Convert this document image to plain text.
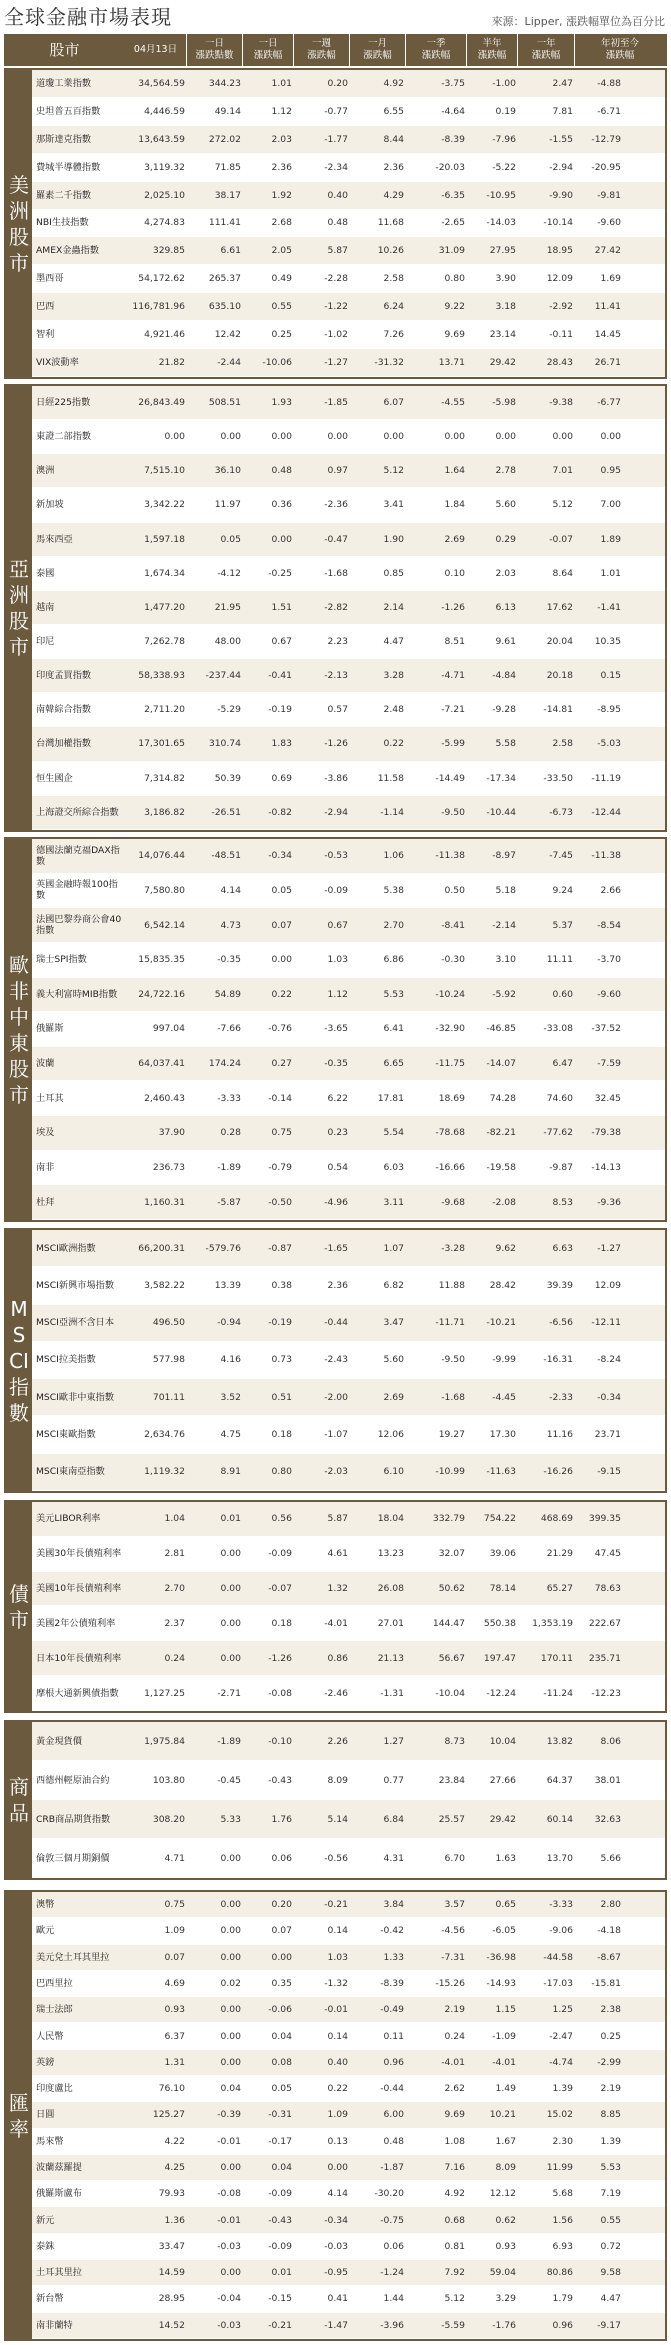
全球金融市場表現	來源：Lipper, 漲跌幅單位為百分比
股市	04月13日
一日
漲跌點數
一日
漲跌幅
一週
漲跌幅
一月
漲跌幅
一季
漲跌幅
半年
漲跌幅
一年
漲跌幅
年初至今
漲跌幅
美洲股市
道瓊工業指數	34,564.59	344.23	1.01	0.20	4.92	-3.75	-1.00	2.47	-4.88
史坦普五百指數	4,446.59	49.14	1.12	-0.77	6.55	-4.64	0.19	7.81	-6.71
那斯達克指數	13,643.59	272.02	2.03	-1.77	8.44	-8.39	-7.96	-1.55	-12.79
費城半導體指數	3,119.32	71.85	2.36	-2.34	2.36	-20.03	-5.22	-2.94	-20.95
羅素二千指數	2,025.10	38.17	1.92	0.40	4.29	-6.35	-10.95	-9.90	-9.81
NBI生技指數	4,274.83	111.41	2.68	0.48	11.68	-2.65	-14.03	-10.14	-9.60
AMEX金蟲指數	329.85	6.61	2.05	5.87	10.26	31.09	27.95	18.95	27.42
墨西哥	54,172.62	265.37	0.49	-2.28	2.58	0.80	3.90	12.09	1.69
巴西	116,781.96	635.10	0.55	-1.22	6.24	9.22	3.18	-2.92	11.41
智利	4,921.46	12.42	0.25	-1.02	7.26	9.69	23.14	-0.11	14.45
VIX波動率	21.82	-2.44	-10.06	-1.27	-31.32	13.71	29.42	28.43	26.71
亞洲股市
日經225指數	26,843.49	508.51	1.93	-1.85	6.07	-4.55	-5.98	-9.38	-6.77
東證二部指數	0.00	0.00	0.00	0.00	0.00	0.00	0.00	0.00	0.00
澳洲	7,515.10	36.10	0.48	0.97	5.12	1.64	2.78	7.01	0.95
新加坡	3,342.22	11.97	0.36	-2.36	3.41	1.84	5.60	5.12	7.00
馬來西亞	1,597.18	0.05	0.00	-0.47	1.90	2.69	0.29	-0.07	1.89
泰國	1,674.34	-4.12	-0.25	-1.68	0.85	0.10	2.03	8.64	1.01
越南	1,477.20	21.95	1.51	-2.82	2.14	-1.26	6.13	17.62	-1.41
印尼	7,262.78	48.00	0.67	2.23	4.47	8.51	9.61	20.04	10.35
印度孟買指數	58,338.93	-237.44	-0.41	-2.13	3.28	-4.71	-4.84	20.18	0.15
南韓綜合指數	2,711.20	-5.29	-0.19	0.57	2.48	-7.21	-9.28	-14.81	-8.95
台灣加權指數	17,301.65	310.74	1.83	-1.26	0.22	-5.99	5.58	2.58	-5.03
恒生國企	7,314.82	50.39	0.69	-3.86	11.58	-14.49	-17.34	-33.50	-11.19
上海證交所綜合指數	3,186.82	-26.51	-0.82	-2.94	-1.14	-9.50	-10.44	-6.73	-12.44
歐非中東股市
德國法蘭克福DAX指數	14,076.44	-48.51	-0.34	-0.53	1.06	-11.38	-8.97	-7.45	-11.38
英國金融時報100指數	7,580.80	4.14	0.05	-0.09	5.38	0.50	5.18	9.24	2.66
法國巴黎券商公會40指數	6,542.14	4.73	0.07	0.67	2.70	-8.41	-2.14	5.37	-8.54
瑞士SPI指數	15,835.35	-0.35	0.00	1.03	6.86	-0.30	3.10	11.11	-3.70
義大利富時MIB指數	24,722.16	54.89	0.22	1.12	5.53	-10.24	-5.92	0.60	-9.60
俄羅斯	997.04	-7.66	-0.76	-3.65	6.41	-32.90	-46.85	-33.08	-37.52
波蘭	64,037.41	174.24	0.27	-0.35	6.65	-11.75	-14.07	6.47	-7.59
土耳其	2,460.43	-3.33	-0.14	6.22	17.81	18.69	74.28	74.60	32.45
埃及	37.90	0.28	0.75	0.23	5.54	-78.68	-82.21	-77.62	-79.38
南非	236.73	-1.89	-0.79	0.54	6.03	-16.66	-19.58	-9.87	-14.13
杜拜	1,160.31	-5.87	-0.50	-4.96	3.11	-9.68	-2.08	8.53	-9.36
MSCI指數
MSCI歐洲指數	66,200.31	-579.76	-0.87	-1.65	1.07	-3.28	9.62	6.63	-1.27
MSCI新興市場指數	3,582.22	13.39	0.38	2.36	6.82	11.88	28.42	39.39	12.09
MSCI亞洲不含日本	496.50	-0.94	-0.19	-0.44	3.47	-11.71	-10.21	-6.56	-12.11
MSCI拉美指數	577.98	4.16	0.73	-2.43	5.60	-9.50	-9.99	-16.31	-8.24
MSCI歐非中東指數	701.11	3.52	0.51	-2.00	2.69	-1.68	-4.45	-2.33	-0.34
MSCI東歐指數	2,634.76	4.75	0.18	-1.07	12.06	19.27	17.30	11.16	23.71
MSCI東南亞指數	1,119.32	8.91	0.80	-2.03	6.10	-10.99	-11.63	-16.26	-9.15
債市
美元LIBOR利率	1.04	0.01	0.56	5.87	18.04	332.79	754.22	468.69	399.35
美國30年長債殖利率	2.81	0.00	-0.09	4.61	13.23	32.07	39.06	21.29	47.45
美國10年長債殖利率	2.70	0.00	-0.07	1.32	26.08	50.62	78.14	65.27	78.63
美國2年公債殖利率	2.37	0.00	0.18	-4.01	27.01	144.47	550.38	1,353.19	222.67
日本10年長債殖利率	0.24	0.00	-1.26	0.86	21.13	56.67	197.47	170.11	235.71
摩根大通新興債指數	1,127.25	-2.71	-0.08	-2.46	-1.31	-10.04	-12.24	-11.24	-12.23
商品
黃金現貨價	1,975.84	-1.89	-0.10	2.26	1.27	8.73	10.04	13.82	8.06
西德州輕原油合約	103.80	-0.45	-0.43	8.09	0.77	23.84	27.66	64.37	38.01
CRB商品期貨指數	308.20	5.33	1.76	5.14	6.84	25.57	29.42	60.14	32.63
倫敦三個月期銅價	4.71	0.00	0.06	-0.56	4.31	6.70	1.63	13.70	5.66
匯率
澳幣	0.75	0.00	0.20	-0.21	3.84	3.57	0.65	-3.33	2.80
歐元	1.09	0.00	0.07	0.14	-0.42	-4.56	-6.05	-9.06	-4.18
美元兌土耳其里拉	0.07	0.00	0.00	1.03	1.33	-7.31	-36.98	-44.58	-8.67
巴西里拉	4.69	0.02	0.35	-1.32	-8.39	-15.26	-14.93	-17.03	-15.81
瑞士法郎	0.93	0.00	-0.06	-0.01	-0.49	2.19	1.15	1.25	2.38
人民幣	6.37	0.00	0.04	0.14	0.11	0.24	-1.09	-2.47	0.25
英鎊	1.31	0.00	0.08	0.40	0.96	-4.01	-4.01	-4.74	-2.99
印度盧比	76.10	0.04	0.05	0.22	-0.44	2.62	1.49	1.39	2.19
日圓	125.27	-0.39	-0.31	1.09	6.00	9.69	10.21	15.02	8.85
馬來幣	4.22	-0.01	-0.17	0.13	0.48	1.08	1.67	2.30	1.39
波蘭茲羅提	4.25	0.00	0.04	0.00	-1.87	7.16	8.09	11.99	5.53
俄羅斯盧布	79.93	-0.08	-0.09	4.14	-30.20	4.92	12.12	5.68	7.19
新元	1.36	-0.01	-0.43	-0.34	-0.75	0.68	0.62	1.56	0.55
泰銖	33.47	-0.03	-0.09	-0.03	0.06	0.81	0.93	6.93	0.72
土耳其里拉	14.59	0.00	0.01	-0.95	-1.24	7.92	59.04	80.86	9.58
新台幣	28.95	-0.04	-0.15	0.41	1.44	5.12	3.29	1.79	4.47
南非蘭特	14.52	-0.03	-0.21	-1.47	-3.96	-5.59	-1.76	0.96	-9.17
